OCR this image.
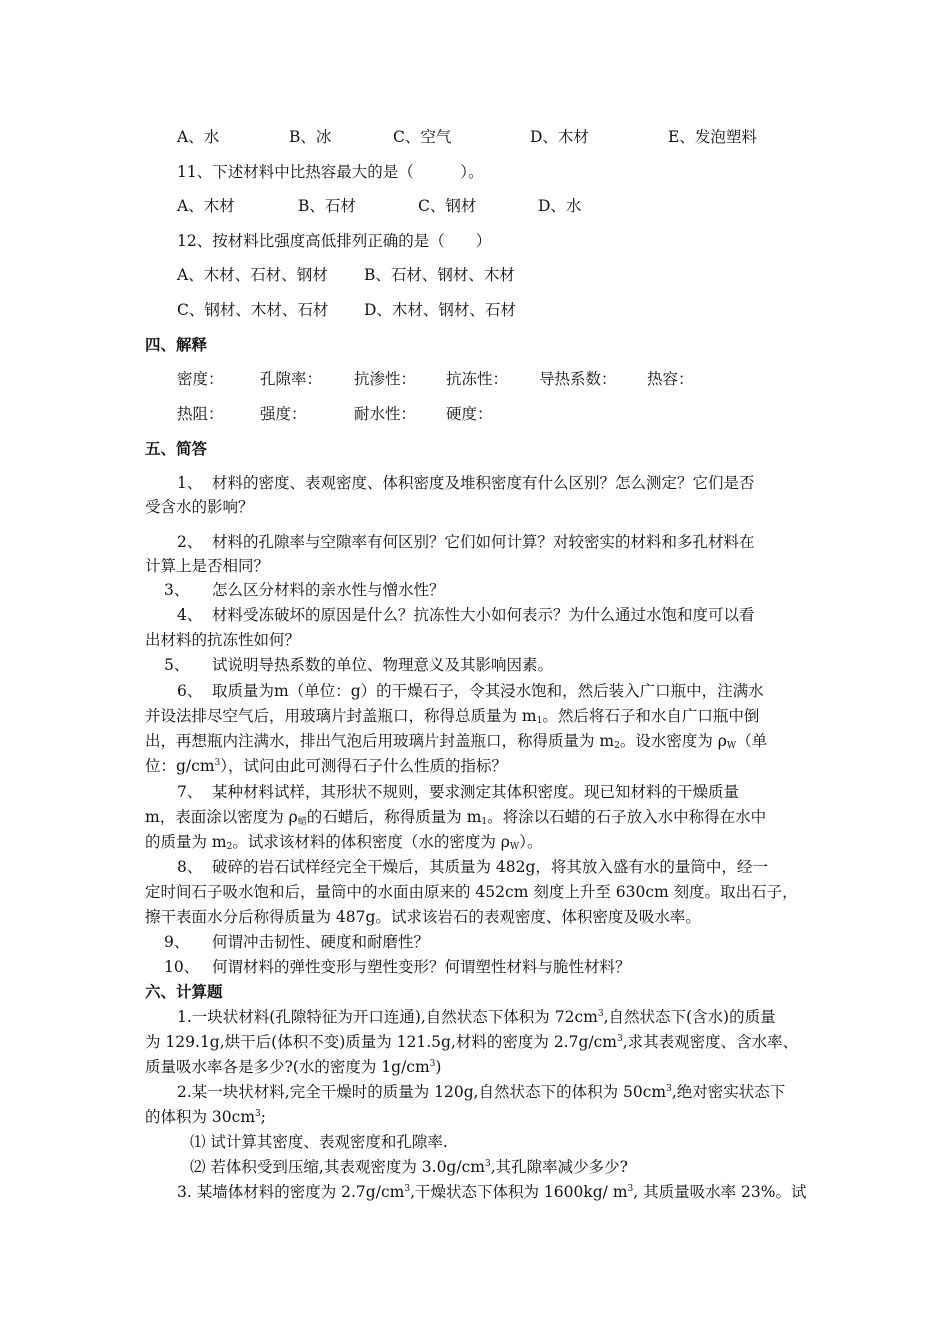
A、水	B、冰	C、空气	D、木材	E、发泡塑料
11、下述材料中比热容最大的是（　　　）。
A、木材	B、石材	C、钢材	D、水
12、按材料比强度高低排列正确的是（　　）
A、木材、石材、钢材 B、石材、钢材、木材
C、钢材、木材、石材 D、木材、钢材、石材
四、解释
密度： 孔隙率： 抗渗性： 抗冻性： 导热系数： 热容：
热阻： 强度：	耐水性： 硬度：
五、简答
1、 材料的密度、表观密度、体积密度及堆积密度有什么区别？怎么测定？它们是否
受含水的影响？
2、 材料的孔隙率与空隙率有何区别？它们如何计算？对较密实的材料和多孔材料在
计算上是否相同？
3、 怎么区分材料的亲水性与憎水性？
4、 材料受冻破坏的原因是什么？抗冻性大小如何表示？为什么通过水饱和度可以看
出材料的抗冻性如何？
5、 试说明导热系数的单位、物理意义及其影响因素。
6、 取质量为m（单位：g）的干燥石子，令其浸水饱和，然后装入广口瓶中，注满水
并设法排尽空气后，用玻璃片封盖瓶口，称得总质量为 $m_1$。然后将石子和水自广口瓶中倒
出，再想瓶内注满水，排出气泡后用玻璃片封盖瓶口，称得质量为 $m_2$。设水密度为 $\rho_W$（单
位：$g/cm^3$），试问由此可测得石子什么性质的指标？
7、 某种材料试样，其形状不规则，要求测定其体积密度。现已知材料的干燥质量
m，表面涂以密度为 $\rho_蜡$的石蜡后，称得质量为 $m_1$。将涂以石蜡的石子放入水中称得在水中
的质量为 $m_2$。试求该材料的体积密度（水的密度为 $\rho_W$）。
8、 破碎的岩石试样经完全干燥后，其质量为 482g，将其放入盛有水的量筒中，经一
定时间石子吸水饱和后，量筒中的水面由原来的 452cm 刻度上升至 630cm 刻度。取出石子，
擦干表面水分后称得质量为 487g。试求该岩石的表观密度、体积密度及吸水率。
9、 何谓冲击韧性、硬度和耐磨性？
10、 何谓材料的弹性变形与塑性变形？何谓塑性材料与脆性材料？
六、计算题
1.一块状材料(孔隙特征为开口连通),自然状态下体积为 $72cm^3$,自然状态下(含水)的质量
为 129.1g,烘干后(体积不变)质量为 121.5g,材料的密度为 $2.7g/cm^3$,求其表观密度、含水率、
质量吸水率各是多少?(水的密度为 $1g/cm^3$)
2.某一块状材料,完全干燥时的质量为 120g,自然状态下的体积为 $50cm^3$,绝对密实状态下
的体积为 $30cm^3$;
⑴ 试计算其密度、表观密度和孔隙率.
⑵ 若体积受到压缩,其表观密度为 $3.0g/cm^3$,其孔隙率减少多少?
3. 某墙体材料的密度为 $2.7g/cm^3$,干燥状态下体积为 1600kg/ $m^3$, 其质量吸水率 23%。试
